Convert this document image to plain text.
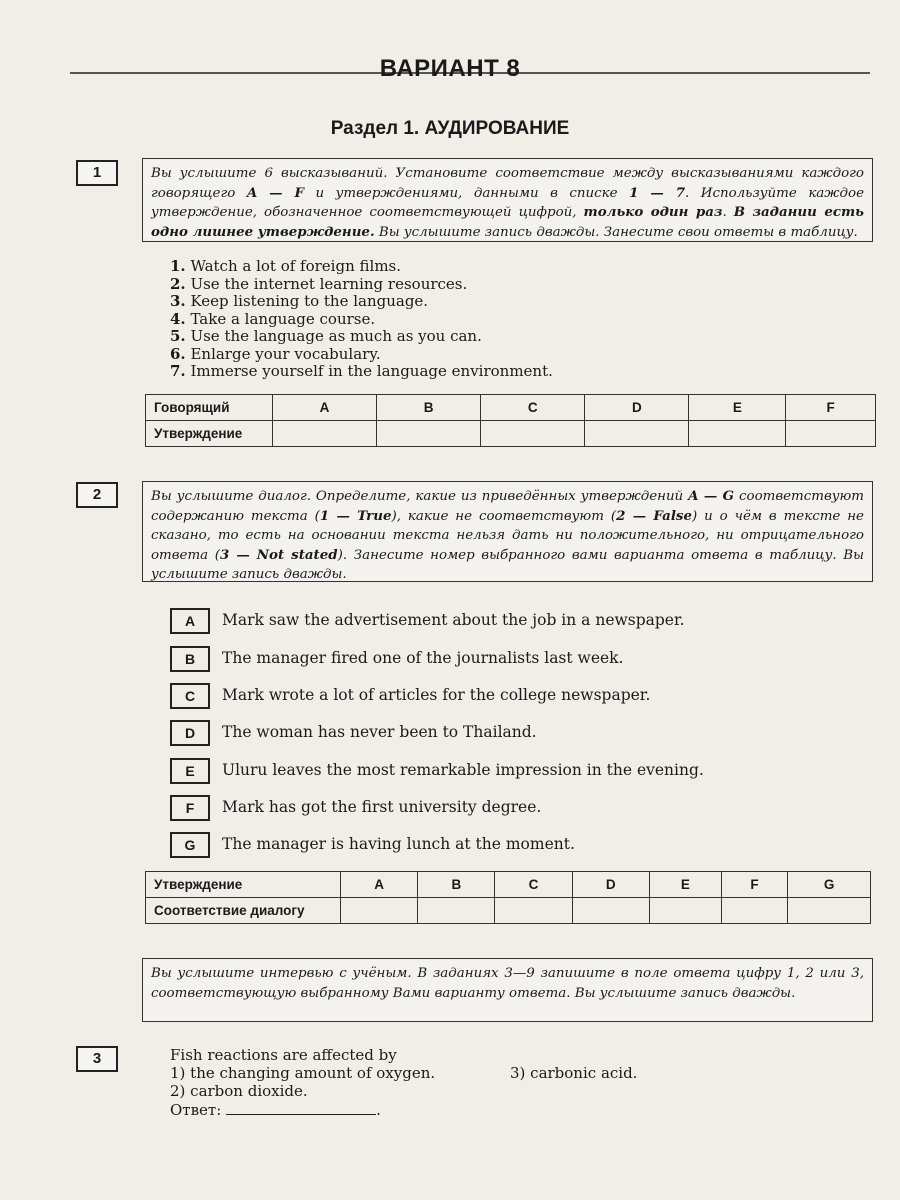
ВАРИАНТ 8
Раздел 1. АУДИРОВАНИЕ
1	Вы услышите 6 высказываний. Установите соответствие между высказываниями каждого говорящего A — F и утверждениями, данными в списке 1 — 7. Используйте каждое утверждение, обозначенное соответствующей цифрой, только один раз. В задании есть одно лишнее утверждение. Вы услышите запись дважды. Занесите свои ответы в таблицу.
1. Watch a lot of foreign films.
2. Use the internet learning resources.
3. Keep listening to the language.
4. Take a language course.
5. Use the language as much as you can.
6. Enlarge your vocabulary.
7. Immerse yourself in the language environment.
Говорящий	A	B	C	D	E	F
Утверждение						
2	Вы услышите диалог. Определите, какие из приведённых утверждений A — G соответствуют содержанию текста (1 — True), какие не соответствуют (2 — False) и о чём в тексте не сказано, то есть на основании текста нельзя дать ни положительного, ни отрицательного ответа (3 — Not stated). Занесите номер выбранного вами варианта ответа в таблицу. Вы услышите запись дважды.
A	Mark saw the advertisement about the job in a newspaper.
B	The manager fired one of the journalists last week.
C	Mark wrote a lot of articles for the college newspaper.
D	The woman has never been to Thailand.
E	Uluru leaves the most remarkable impression in the evening.
F	Mark has got the first university degree.
G	The manager is having lunch at the moment.
Утверждение	A	B	C	D	E	F	G
Соответствие диалогу							
Вы услышите интервью с учёным. В заданиях 3—9 запишите в поле ответа цифру 1, 2 или 3, соответствующую выбранному Вами варианту ответа. Вы услышите запись дважды.
3	Fish reactions are affected by
1) the changing amount of oxygen.	3) carbonic acid.
2) carbon dioxide.
Ответ:	.
